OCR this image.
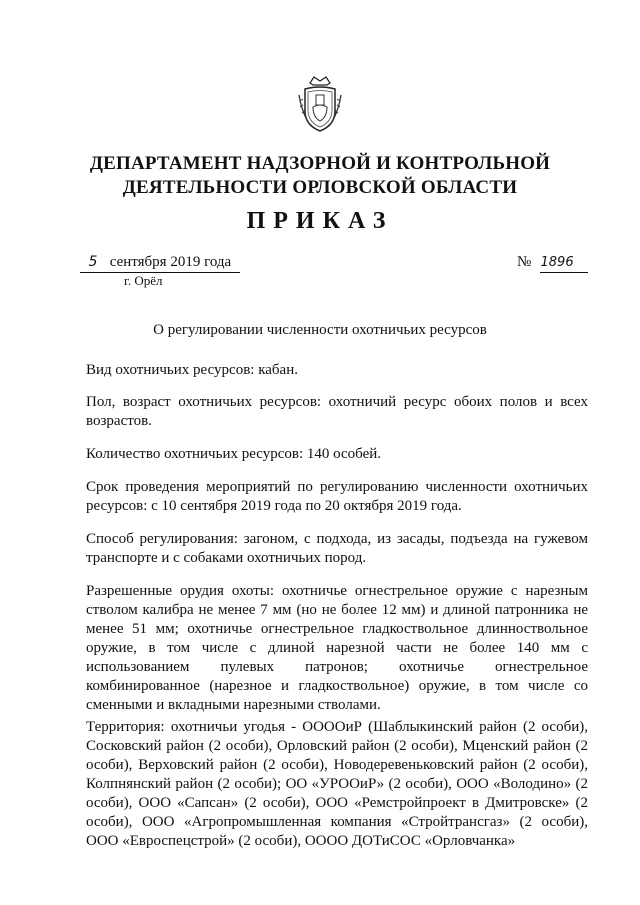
ДЕПАРТАМЕНТ НАДЗОРНОЙ И КОНТРОЛЬНОЙ
ДЕЯТЕЛЬНОСТИ ОРЛОВСКОЙ ОБЛАСТИ
ПРИКАЗ
5 сентября 2019 года	№ 1896
г. Орёл
О регулировании численности охотничьих ресурсов
Вид охотничьих ресурсов: кабан.
Пол, возраст охотничьих ресурсов: охотничий ресурс обоих полов и всех возрастов.
Количество охотничьих ресурсов: 140 особей.
Срок проведения мероприятий по регулированию численности охотничьих ресурсов: с 10 сентября 2019 года по 20 октября 2019 года.
Способ регулирования: загоном, с подхода, из засады, подъезда на гужевом транспорте и с собаками охотничьих пород.
Разрешенные орудия охоты: охотничье огнестрельное оружие с нарезным стволом калибра не менее 7 мм (но не более 12 мм) и длиной патронника не менее 51 мм; охотничье огнестрельное гладкоствольное длинноствольное оружие, в том числе с длиной нарезной части не более 140 мм с использованием пулевых патронов; охотничье огнестрельное комбинированное (нарезное и гладкоствольное) оружие, в том числе со сменными и вкладными нарезными стволами.
Территория: охотничьи угодья - ООООиР (Шаблыкинский район (2 особи), Сосковский район (2 особи), Орловский район (2 особи), Мценский район (2 особи), Верховский район (2 особи), Новодеревеньковский район (2 особи), Колпнянский район (2 особи); ОО «УРООиР» (2 особи), ООО «Володино» (2 особи), ООО «Сапсан» (2 особи), ООО «Ремстройпроект в Дмитровске» (2 особи), ООО «Агропромышленная компания «Стройтрансгаз» (2 особи), ООО «Евроспецстрой» (2 особи), ОООО ДОТиСОС «Орловчанка»
